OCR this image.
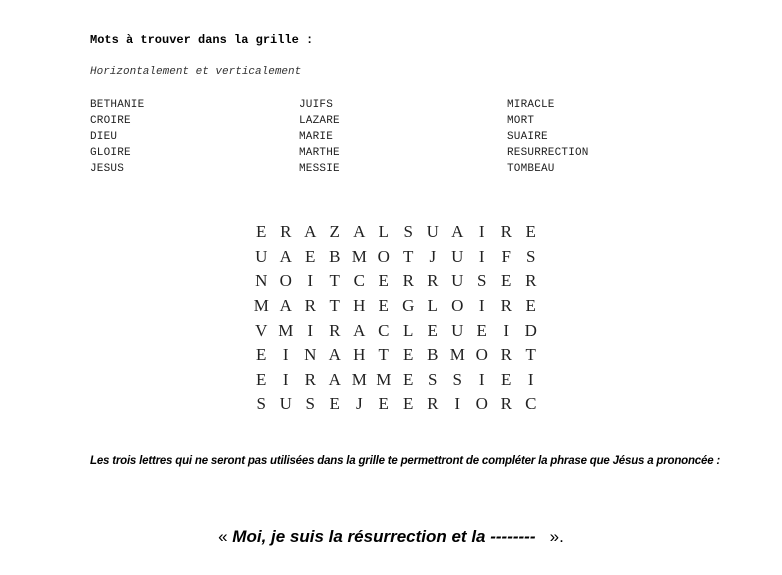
Mots à trouver dans la grille :
Horizontalement et verticalement
BETHANIE
CROIRE
DIEU
GLOIRE
JESUS
JUIFS
LAZARE
MARIE
MARTHE
MESSIE
MIRACLE
MORT
SUAIRE
RESURRECTION
TOMBEAU
E R A Z A L S U A I R E
U A E B M O T J U I F S
N O I T C E R R U S E R
M A R T H E G L O I R E
V M I R A C L E U E I D
E I N A H T E B M O R T
E I R A M M E S S I E I
S U S E J E E R I O R C
Les trois lettres qui ne seront pas utilisées dans la grille te permettront de compléter la phrase que Jésus a prononcée :
« Moi, je suis la résurrection et la --------   ».
